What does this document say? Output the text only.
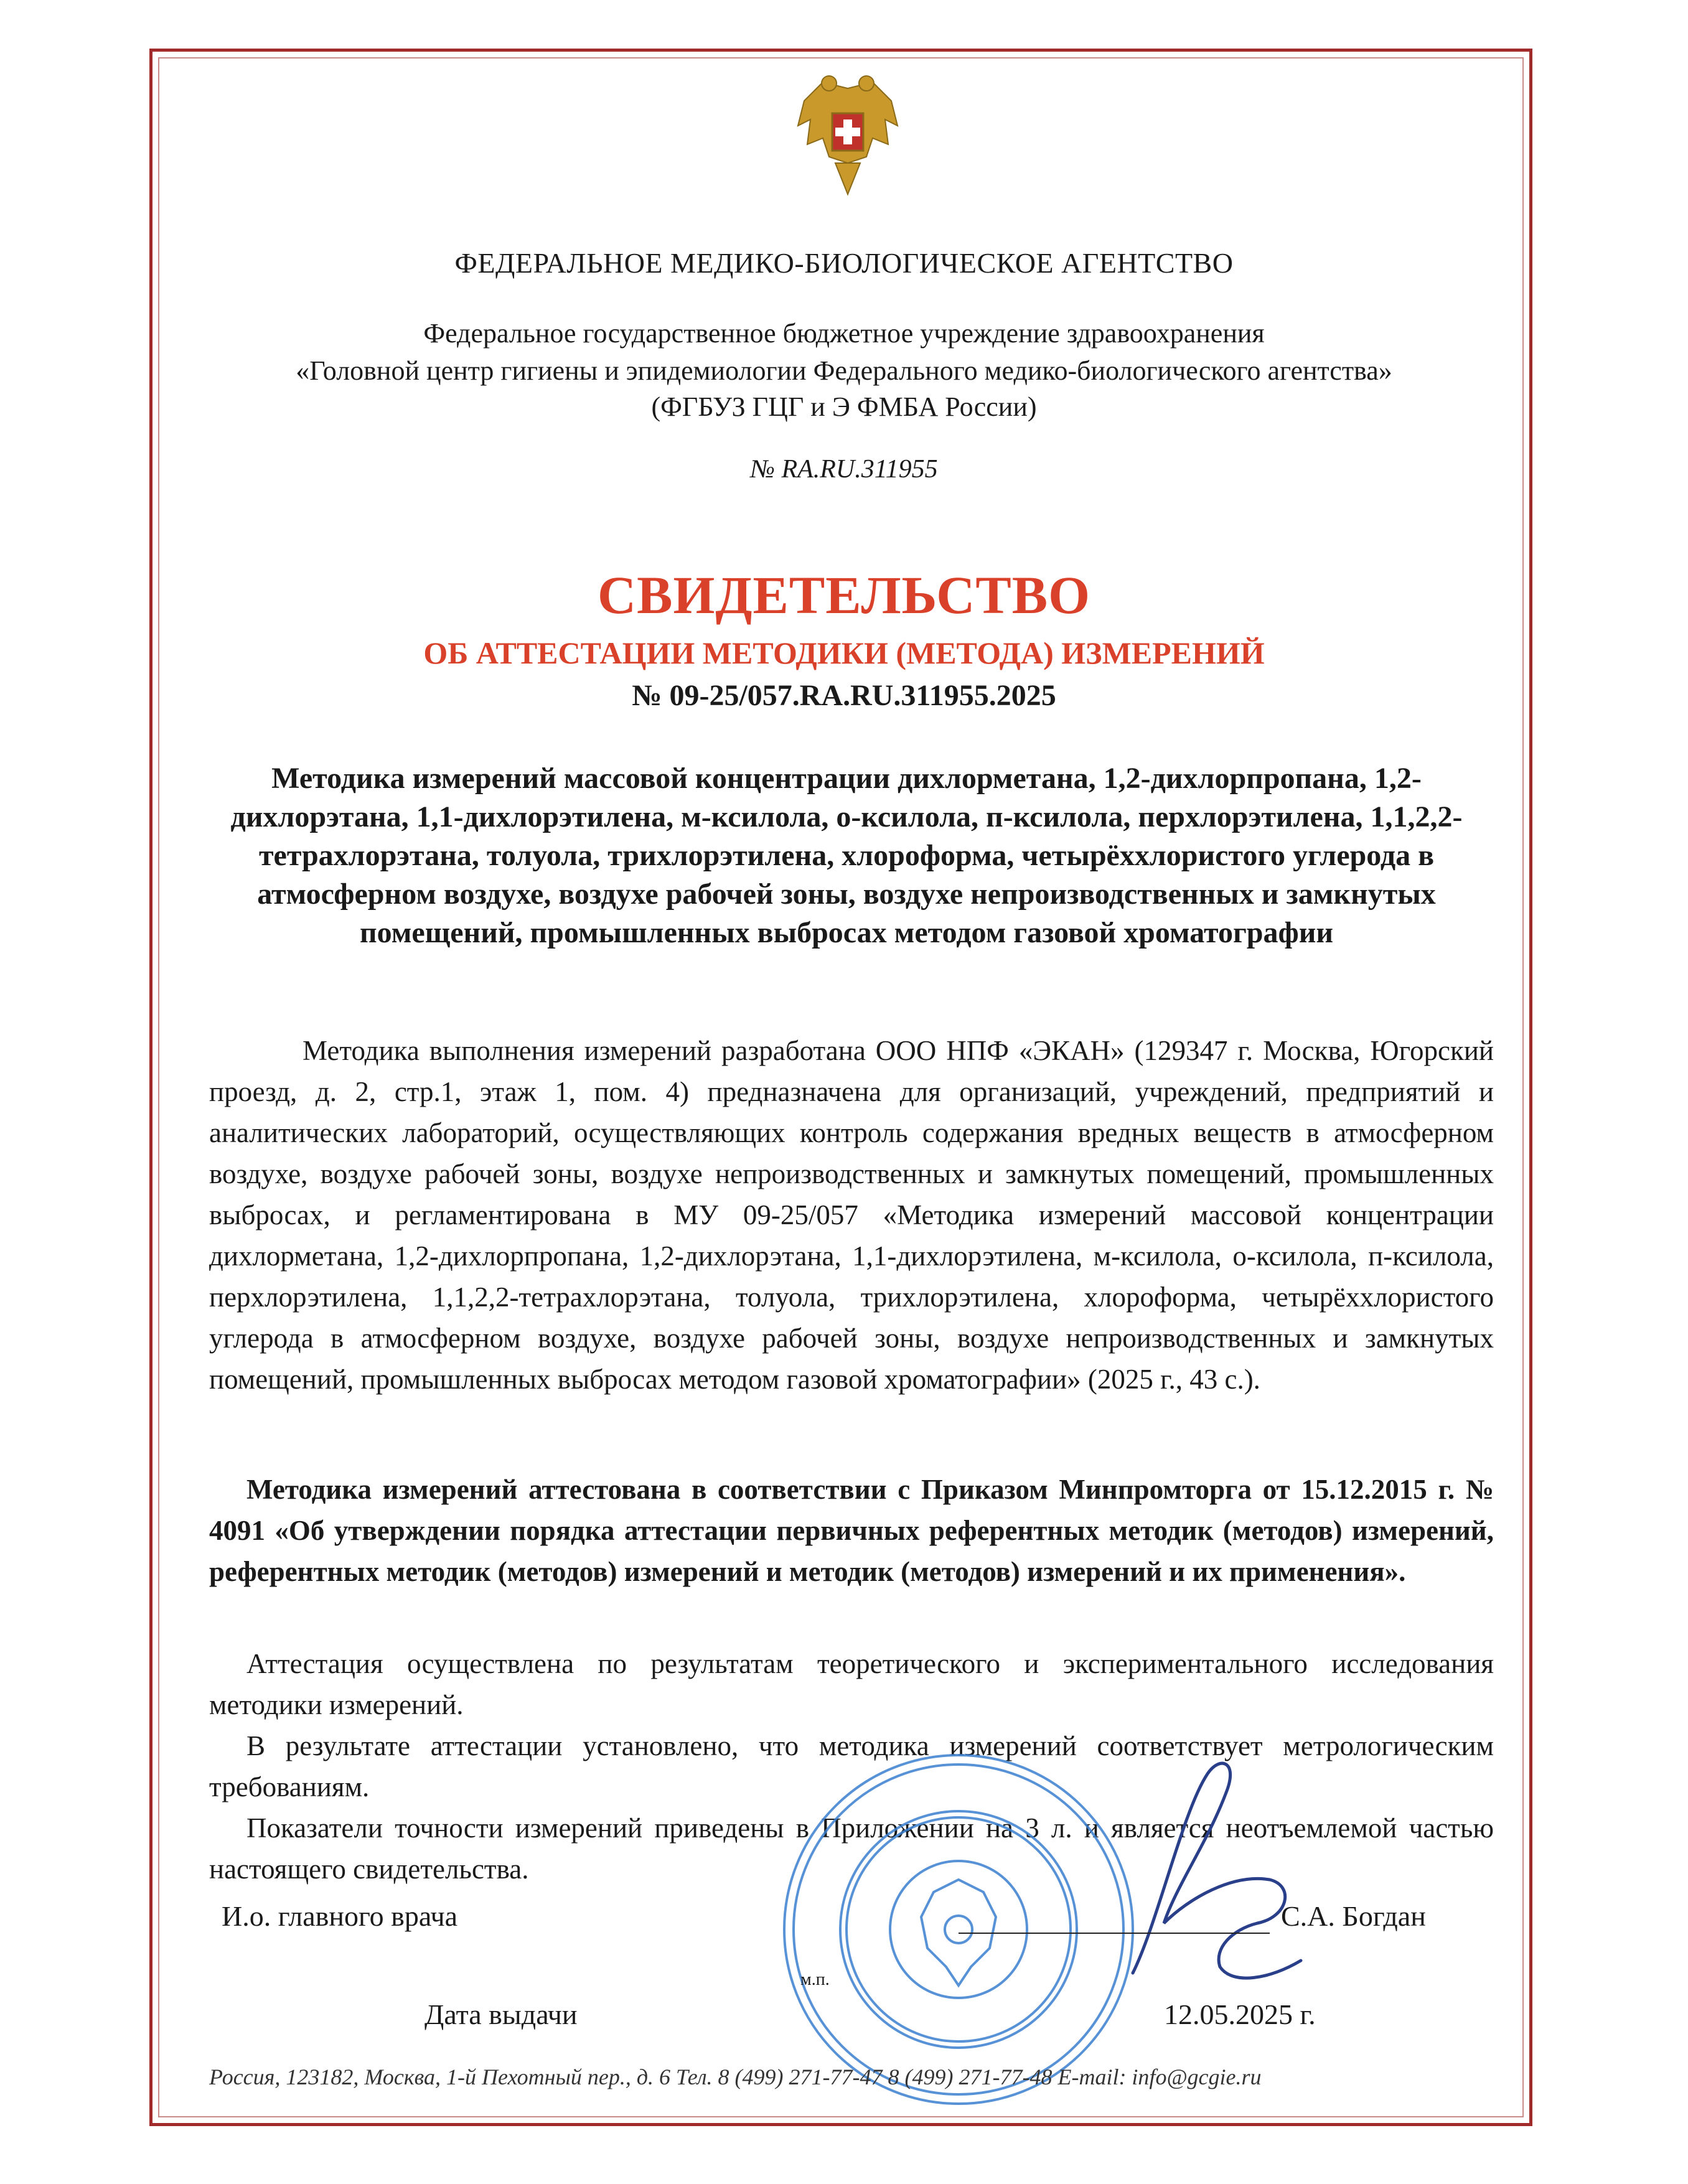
ФЕДЕРАЛЬНОЕ МЕДИКО-БИОЛОГИЧЕСКОЕ АГЕНТСТВО
Федеральное государственное бюджетное учреждение здравоохранения
«Головной центр гигиены и эпидемиологии Федерального медико-биологического агентства»
(ФГБУЗ ГЦГ и Э ФМБА России)
№ RA.RU.311955
СВИДЕТЕЛЬСТВО
ОБ АТТЕСТАЦИИ МЕТОДИКИ (МЕТОДА) ИЗМЕРЕНИЙ
№ 09-25/057.RA.RU.311955.2025
Методика измерений массовой концентрации дихлорметана, 1,2-дихлорпропана, 1,2-дихлорэтана, 1,1-дихлорэтилена, м-ксилола, о-ксилола, п-ксилола, перхлорэтилена, 1,1,2,2-тетрахлорэтана, толуола, трихлорэтилена, хлороформа, четырёххлористого углерода в атмосферном воздухе, воздухе рабочей зоны, воздухе непроизводственных и замкнутых помещений, промышленных выбросах методом газовой хроматографии
Методика выполнения измерений разработана ООО НПФ «ЭКАН» (129347 г. Москва, Югорский проезд, д. 2, стр.1, этаж 1, пом. 4) предназначена для организаций, учреждений, предприятий и аналитических лабораторий, осуществляющих контроль содержания вредных веществ в атмосферном воздухе, воздухе рабочей зоны, воздухе непроизводственных и замкнутых помещений, промышленных выбросах, и регламентирована в МУ 09-25/057 «Методика измерений массовой концентрации дихлорметана, 1,2-дихлорпропана, 1,2-дихлорэтана, 1,1-дихлорэтилена, м-ксилола, о-ксилола, п-ксилола, перхлорэтилена, 1,1,2,2-тетрахлорэтана, толуола, трихлорэтилена, хлороформа, четырёххлористого углерода в атмосферном воздухе, воздухе рабочей зоны, воздухе непроизводственных и замкнутых помещений, промышленных выбросах методом газовой хроматографии» (2025 г., 43 с.).
Методика измерений аттестована в соответствии с Приказом Минпромторга от 15.12.2015 г. № 4091 «Об утверждении порядка аттестации первичных референтных методик (методов) измерений, референтных методик (методов) измерений и методик (методов) измерений и их применения».
Аттестация осуществлена по результатам теоретического и экспериментального исследования методики измерений.
В результате аттестации установлено, что методика измерений соответствует метрологическим требованиям.
Показатели точности измерений приведены в Приложении на 3 л. и является неотъемлемой частью настоящего свидетельства.
И.о. главного врача	С.А. Богдан
м.п.
Дата выдачи	12.05.2025 г.
Россия, 123182, Москва, 1-й Пехотный пер., д. 6 Тел. 8 (499) 271-77-47 8 (499) 271-77-48 E-mail: info@gcgie.ru
